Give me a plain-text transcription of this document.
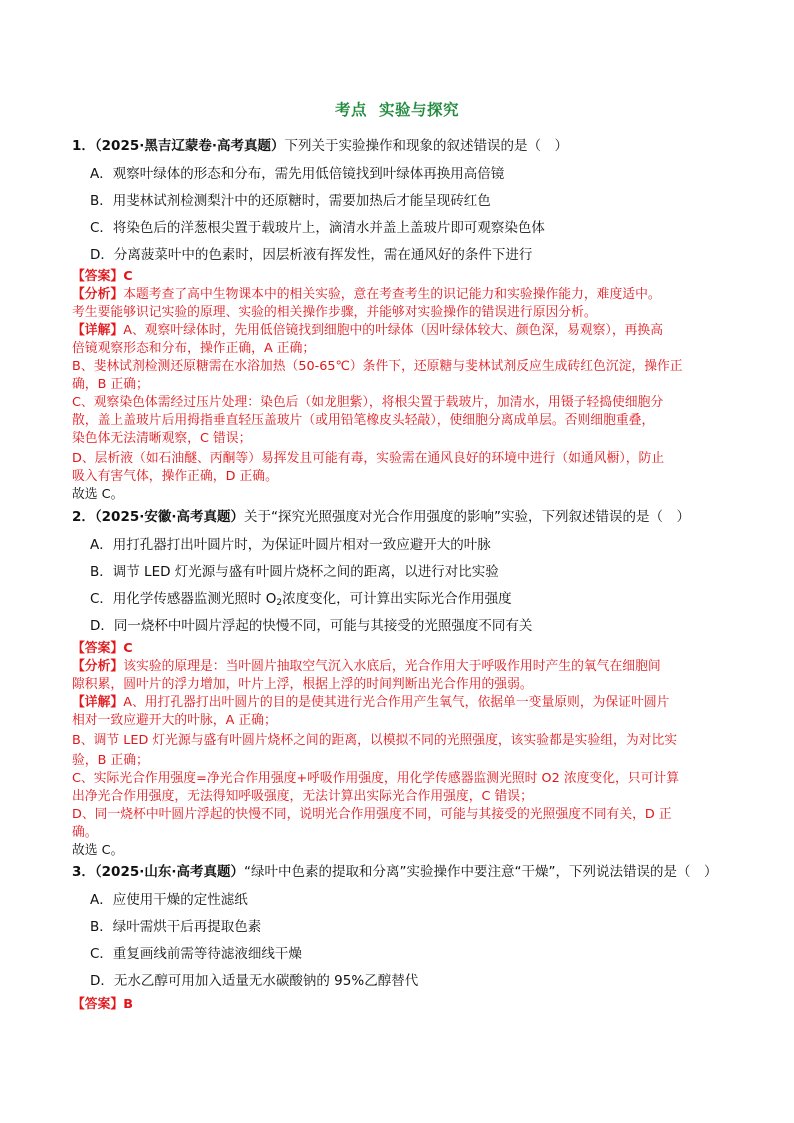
考点 实验与探究
1．（2025·黑吉辽蒙卷·高考真题）下列关于实验操作和现象的叙述错误的是（　）
A．观察叶绿体的形态和分布，需先用低倍镜找到叶绿体再换用高倍镜
B．用斐林试剂检测梨汁中的还原糖时，需要加热后才能呈现砖红色
C．将染色后的洋葱根尖置于载玻片上，滴清水并盖上盖玻片即可观察染色体
D．分离菠菜叶中的色素时，因层析液有挥发性，需在通风好的条件下进行
【答案】C
【分析】本题考查了高中生物课本中的相关实验，意在考查考生的识记能力和实验操作能力，难度适中。
考生要能够识记实验的原理、实验的相关操作步骤，并能够对实验操作的错误进行原因分析。
【详解】A、观察叶绿体时，先用低倍镜找到细胞中的叶绿体（因叶绿体较大、颜色深，易观察），再换高
倍镜观察形态和分布，操作正确，A 正确；
B、斐林试剂检测还原糖需在水浴加热（50-65℃）条件下，还原糖与斐林试剂反应生成砖红色沉淀，操作正
确，B 正确；
C、观察染色体需经过压片处理：染色后（如龙胆紫），将根尖置于载玻片，加清水，用镊子轻捣使细胞分
散，盖上盖玻片后用拇指垂直轻压盖玻片（或用铅笔橡皮头轻敲），使细胞分离成单层。否则细胞重叠，
染色体无法清晰观察，C 错误；
D、层析液（如石油醚、丙酮等）易挥发且可能有毒，实验需在通风良好的环境中进行（如通风橱），防止
吸入有害气体，操作正确，D 正确。
故选 C。
2．（2025·安徽·高考真题）关于“探究光照强度对光合作用强度的影响”实验，下列叙述错误的是（　）
A．用打孔器打出叶圆片时，为保证叶圆片相对一致应避开大的叶脉
B．调节 LED 灯光源与盛有叶圆片烧杯之间的距离，以进行对比实验
C．用化学传感器监测光照时 $O_2$浓度变化，可计算出实际光合作用强度
D．同一烧杯中叶圆片浮起的快慢不同，可能与其接受的光照强度不同有关
【答案】C
【分析】该实验的原理是：当叶圆片抽取空气沉入水底后，光合作用大于呼吸作用时产生的氧气在细胞间
隙积累，圆叶片的浮力增加，叶片上浮，根据上浮的时间判断出光合作用的强弱。
【详解】A、用打孔器打出叶圆片的目的是使其进行光合作用产生氧气，依据单一变量原则，为保证叶圆片
相对一致应避开大的叶脉，A 正确；
B、调节 LED 灯光源与盛有叶圆片烧杯之间的距离，以模拟不同的光照强度，该实验都是实验组，为对比实
验，B 正确；
C、实际光合作用强度=净光合作用强度+呼吸作用强度，用化学传感器监测光照时 O2 浓度变化，只可计算
出净光合作用强度，无法得知呼吸强度，无法计算出实际光合作用强度，C 错误；
D、同一烧杯中叶圆片浮起的快慢不同，说明光合作用强度不同，可能与其接受的光照强度不同有关，D 正
确。
故选 C。
3．（2025·山东·高考真题）“绿叶中色素的提取和分离”实验操作中要注意“干燥”，下列说法错误的是（　）
A．应使用干燥的定性滤纸
B．绿叶需烘干后再提取色素
C．重复画线前需等待滤液细线干燥
D．无水乙醇可用加入适量无水碳酸钠的 95%乙醇替代
【答案】B
